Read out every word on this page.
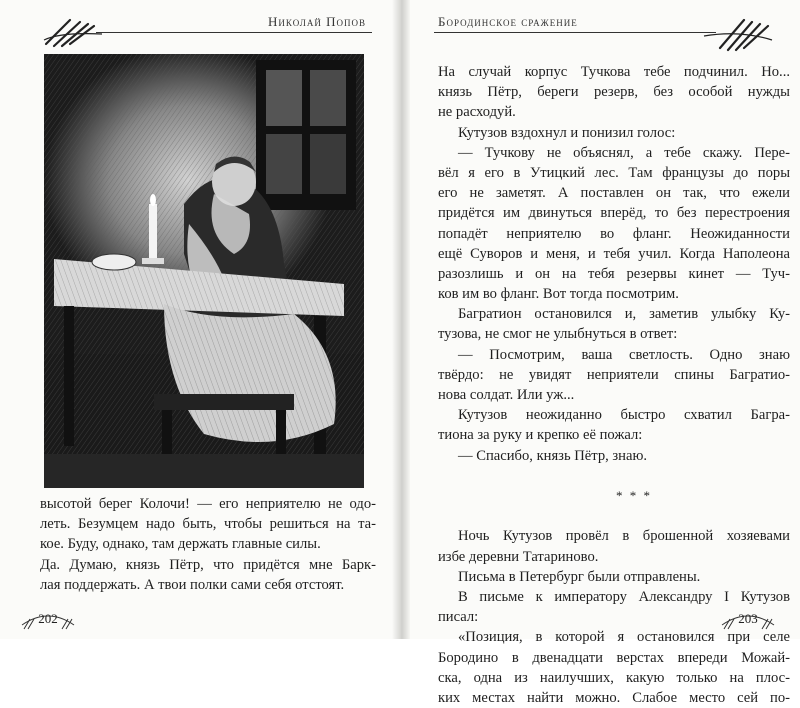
Николай Попов
высотой берег Колочи! — его неприятелю не одо-
леть. Безумцем надо быть, чтобы решиться на та-
кое. Буду, однако, там держать главные силы.
Да. Думаю, князь Пётр, что придётся мне Барк-
лая поддержать. А твои полки сами себя отстоят.
202
Бородинское сражение
На случай корпус Тучкова тебе подчинил. Но...
князь Пётр, береги резерв, без особой нужды
не расходуй.
Кутузов вздохнул и понизил голос:
— Тучкову не объяснял, а тебе скажу. Пере-
вёл я его в Утицкий лес. Там французы до поры
его не заметят. А поставлен он так, что ежели
придётся им двинуться вперёд, то без перестроения
попадёт неприятелю во фланг. Неожиданности
ещё Суворов и меня, и тебя учил. Когда Наполеона
разозлишь и он на тебя резервы кинет — Туч-
ков им во фланг. Вот тогда посмотрим.
Багратион остановился и, заметив улыбку Ку-
тузова, не смог не улыбнуться в ответ:
— Посмотрим, ваша светлость. Одно знаю
твёрдо: не увидят неприятели спины Багратио-
нова солдат. Или уж...
Кутузов неожиданно быстро схватил Багра-
тиона за руку и крепко её пожал:
— Спасибо, князь Пётр, знаю.
* * *
Ночь Кутузов провёл в брошенной хозяевами
избе деревни Татариново.
Письма в Петербург были отправлены.
В письме к императору Александру I Кутузов
писал:
«Позиция, в которой я остановился при селе
Бородино в двенадцати верстах впереди Можай-
ска, одна из наилучших, какую только на плос-
ких местах найти можно. Слабое место сей по-
203
